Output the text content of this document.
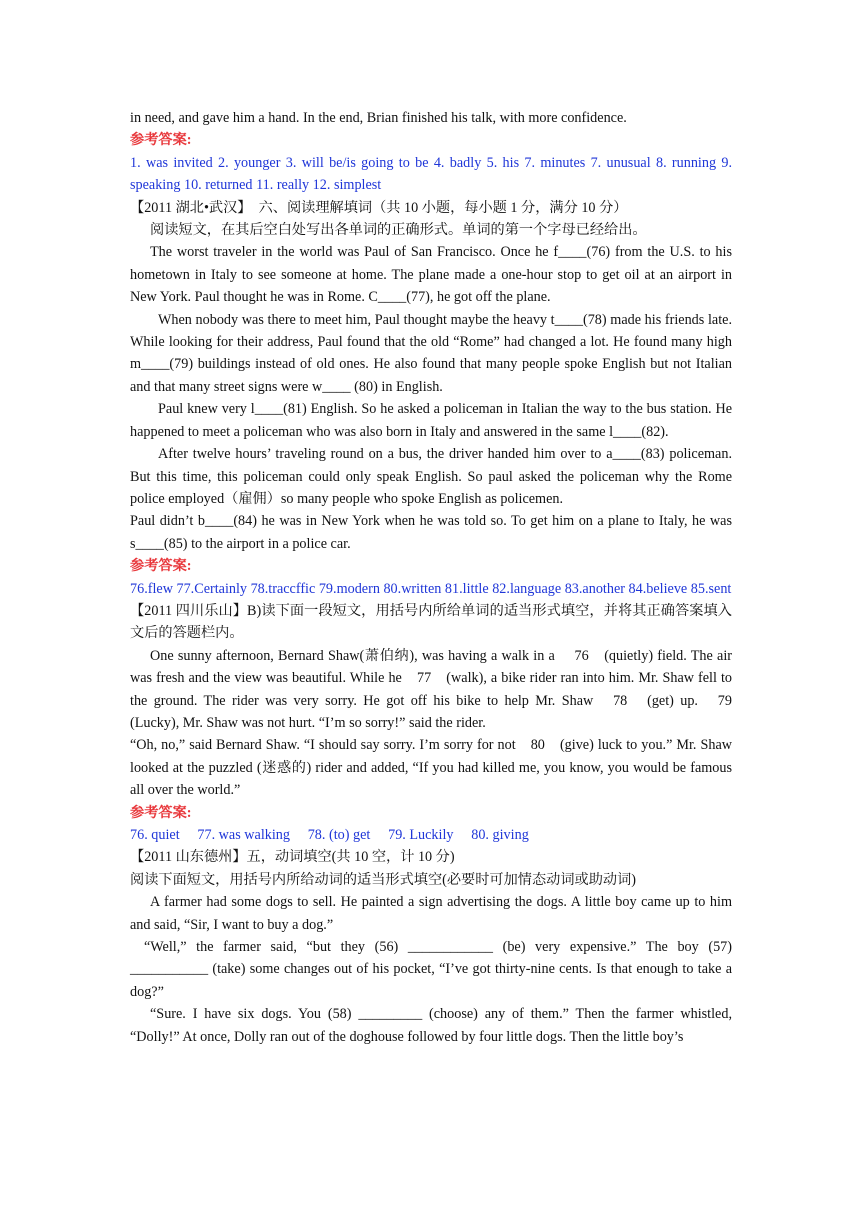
in need, and gave him a hand. In the end, Brian finished his talk, with more confidence.

参考答案:

1. was invited 2. younger 3. will be/is going to be 4. badly 5. his 7. minutes 7. unusual 8. running 9. speaking 10. returned 11. really 12. simplest

【2011 湖北•武汉】　六、阅读理解填词（共 10 小题，每小题 1 分，满分 10 分）

阅读短文，在其后空白处写出各单词的正确形式。单词的第一个字母已经给出。

The worst traveler in the world was Paul of San Francisco. Once he f____(76) from the U.S. to his hometown in Italy to see someone at home. The plane made a one-hour stop to get oil at an airport in New York. Paul thought he was in Rome. C____(77), he got off the plane.

When nobody was there to meet him, Paul thought maybe the heavy t____(78) made his friends late. While looking for their address, Paul found that the old “Rome” had changed a lot. He found many high m____(79) buildings instead of old ones. He also found that many people spoke English but not Italian and that many street signs were w____ (80) in English.

Paul knew very l____(81) English. So he asked a policeman in Italian the way to the bus station. He happened to meet a policeman who was also born in Italy and answered in the same l____(82).

After twelve hours’ traveling round on a bus, the driver handed him over to a____(83) policeman. But this time, this policeman could only speak English. So paul asked the policeman why the Rome police employed（雇佣）so many people who spoke English as policemen.

Paul didn’t b____(84) he was in New York when he was told so. To get him on a plane to Italy, he was s____(85) to the airport in a police car.

参考答案:

76.flew 77.Certainly 78.traccffic 79.modern 80.written 81.little 82.language 83.another 84.believe 85.sent

【2011 四川乐山】B)读下面一段短文，用括号内所给单词的适当形式填空，并将其正确答案填入文后的答题栏内。

One sunny afternoon, Bernard Shaw(萧伯纳), was having a walk in a　 76　(quietly) field. The air was fresh and the view was beautiful. While he　77　(walk), a bike rider ran into him. Mr. Shaw fell to the ground. The rider was very sorry. He got off his bike to help Mr. Shaw　78　(get) up.　79　(Lucky), Mr. Shaw was not hurt. “I’m so sorry!” said the rider.

“Oh, no,” said Bernard Shaw. “I should say sorry. I’m sorry for not　80　(give) luck to you.” Mr. Shaw looked at the puzzled (迷惑的) rider and added, “If you had killed me, you know, you would be famous all over the world.”

参考答案:

76. quiet　 77. was walking　 78. (to) get　 79. Luckily　 80. giving

【2011 山东德州】五，动词填空(共 10 空，计 10 分)

阅读下面短文，用括号内所给动词的适当形式填空(必要时可加情态动词或助动词)

A farmer had some dogs to sell. He painted a sign advertising the dogs. A little boy came up to him and said, “Sir, I want to buy a dog.”

“Well,” the farmer said, “but they (56) ____________ (be) very expensive.” The boy (57) ___________ (take) some changes out of his pocket, “I’ve got thirty-nine cents. Is that enough to take a dog?”

“Sure. I have six dogs. You (58) _________ (choose) any of them.” Then the farmer whistled, “Dolly!” At once, Dolly ran out of the doghouse followed by four little dogs. Then the little boy’s
